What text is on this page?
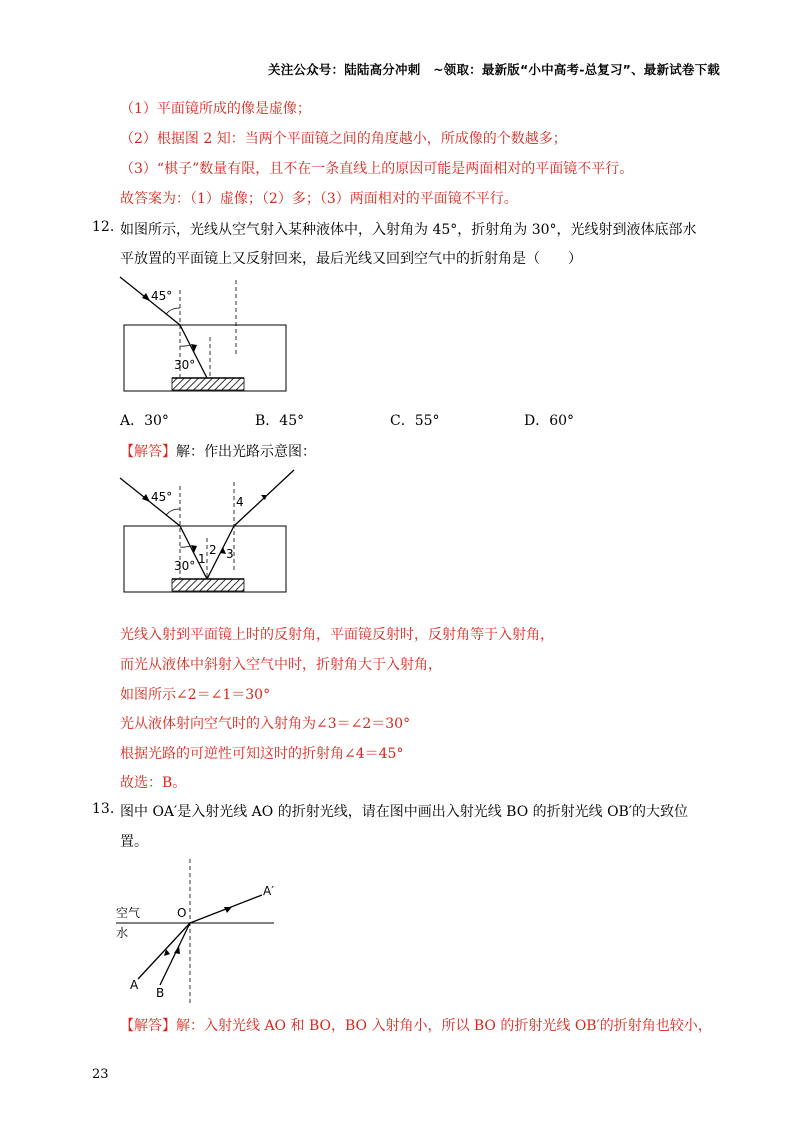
关注公众号：陆陆高分冲刺　~领取：最新版“小中高考-总复习”、最新试卷下载
（1）平面镜所成的像是虚像；
（2）根据图 2 知：当两个平面镜之间的角度越小，所成像的个数越多；
（3）“棋子”数量有限，且不在一条直线上的原因可能是两面相对的平面镜不平行。
故答案为：（1）虚像；（2）多；（3）两面相对的平面镜不平行。
12. 如图所示，光线从空气射入某种液体中，入射角为 45°，折射角为 30°，光线射到液体底部水
平放置的平面镜上又反射回来，最后光线又回到空气中的折射角是（　　）
45°
30°
A．30°	B．45°	C．55°	D．60°
【解答】解：作出光路示意图：
45°
30° 1
2 3
4
光线入射到平面镜上时的反射角，平面镜反射时，反射角等于入射角，
而光从液体中斜射入空气中时，折射角大于入射角，
如图所示∠2＝∠1＝30°
光从液体射向空气时的入射角为∠3＝∠2＝30°
根据光路的可逆性可知这时的折射角∠4＝45°
故选：B。
13. 图中 OA′是入射光线 AO 的折射光线，请在图中画出入射光线 BO 的折射光线 OB′的大致位
置。
空气
水
O
A′
A
B
【解答】解：入射光线 AO 和 BO，BO 入射角小，所以 BO 的折射光线 OB′的折射角也较小，
23
